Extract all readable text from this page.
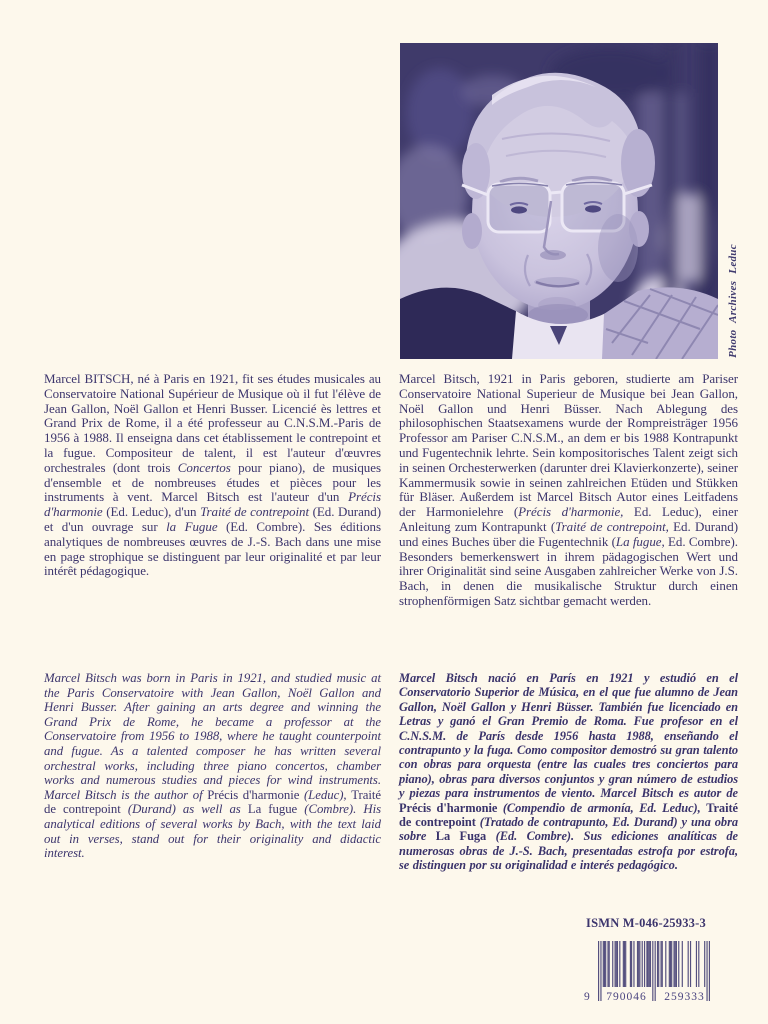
Photo Archives Leduc
Marcel BITSCH, né à Paris en 1921, fit ses études musicales au Conservatoire National Supérieur de Musique où il fut l'élève de Jean Gallon, Noël Gallon et Henri Busser. Licencié ès lettres et Grand Prix de Rome, il a été professeur au C.N.S.M.-Paris de 1956 à 1988. Il enseigna dans cet établissement le contrepoint et la fugue. Compositeur de talent, il est l'auteur d'œuvres orchestrales (dont trois Concertos pour piano), de musiques d'ensemble et de nombreuses études et pièces pour les instruments à vent. Marcel Bitsch est l'auteur d'un Précis d'harmonie (Ed. Leduc), d'un Traité de contrepoint (Ed. Durand) et d'un ouvrage sur la Fugue (Ed. Combre). Ses éditions analytiques de nombreuses œuvres de J.-S. Bach dans une mise en page strophique se distinguent par leur originalité et par leur intérêt pédagogique.
Marcel Bitsch, 1921 in Paris geboren, studierte am Pariser Conservatoire National Superieur de Musique bei Jean Gallon, Noël Gallon und Henri Büsser. Nach Ablegung des philosophischen Staatsexamens wurde der Rompreisträger 1956 Professor am Pariser C.N.S.M., an dem er bis 1988 Kontrapunkt und Fugentechnik lehrte. Sein kompositorisches Talent zeigt sich in seinen Orchesterwerken (darunter drei Klavierkonzerte), seiner Kammermusik sowie in seinen zahlreichen Etüden und Stükken für Bläser. Außerdem ist Marcel Bitsch Autor eines Leitfadens der Harmonielehre (Précis d'harmonie, Ed. Leduc), einer Anleitung zum Kontrapunkt (Traité de contrepoint, Ed. Durand) und eines Buches über die Fugentechnik (La fugue, Ed. Combre). Besonders bemerkenswert in ihrem pädagogischen Wert und ihrer Originalität sind seine Ausgaben zahlreicher Werke von J.S. Bach, in denen die musikalische Struktur durch einen strophenförmigen Satz sichtbar gemacht werden.
Marcel Bitsch was born in Paris in 1921, and studied music at the Paris Conservatoire with Jean Gallon, Noël Gallon and Henri Busser. After gaining an arts degree and winning the Grand Prix de Rome, he became a professor at the Conservatoire from 1956 to 1988, where he taught counterpoint and fugue. As a talented composer he has written several orchestral works, including three piano concertos, chamber works and numerous studies and pieces for wind instruments. Marcel Bitsch is the author of Précis d'harmonie (Leduc), Traité de contrepoint (Durand) as well as La fugue (Combre). His analytical editions of several works by Bach, with the text laid out in verses, stand out for their originality and didactic interest.
Marcel Bitsch nació en París en 1921 y estudió en el Conservatorio Superior de Música, en el que fue alumno de Jean Gallon, Noël Gallon y Henri Büsser. También fue licenciado en Letras y ganó el Gran Premio de Roma. Fue profesor en el C.N.S.M. de París desde 1956 hasta 1988, enseñando el contrapunto y la fuga. Como compositor demostró su gran talento con obras para orquesta (entre las cuales tres conciertos para piano), obras para diversos conjuntos y gran número de estudios y piezas para instrumentos de viento. Marcel Bitsch es autor de Précis d'harmonie (Compendio de armonía, Ed. Leduc), Traité de contrepoint (Tratado de contrapunto, Ed. Durand) y una obra sobre La Fuga (Ed. Combre). Sus ediciones analíticas de numerosas obras de J.-S. Bach, presentadas estrofa por estrofa, se distinguen por su originalidad e interés pedagógico.
ISMN M-046-25933-3
9	790046	259333
